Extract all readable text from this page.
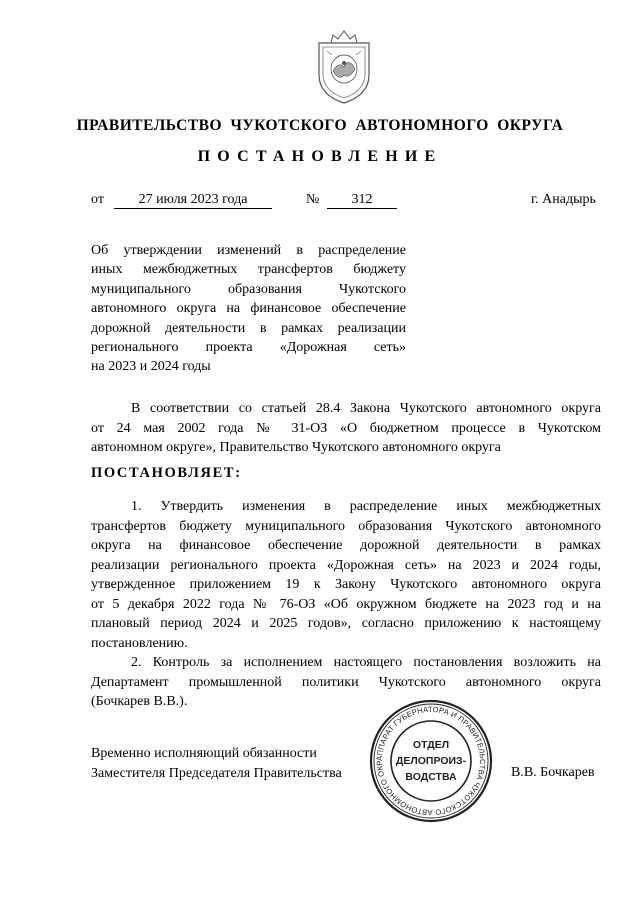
ПРАВИТЕЛЬСТВО ЧУКОТСКОГО АВТОНОМНОГО ОКРУГА
ПОСТАНОВЛЕНИЕ
от	27 июля 2023 года	№	312	г. Анадырь
Об утверждении изменений в распределение
иных межбюджетных трансфертов бюджету
муниципального образования Чукотского
автономного округа на финансовое обеспечение
дорожной деятельности в рамках реализации
регионального проекта «Дорожная сеть»
на 2023 и 2024 годы
В соответствии со статьей 28.4 Закона Чукотского автономного округа
от 24 мая 2002 года № 31-ОЗ «О бюджетном процессе в Чукотском
автономном округе», Правительство Чукотского автономного округа
ПОСТАНОВЛЯЕТ:
1. Утвердить изменения в распределение иных межбюджетных
трансфертов бюджету муниципального образования Чукотского автономного
округа на финансовое обеспечение дорожной деятельности в рамках
реализации регионального проекта «Дорожная сеть» на 2023 и 2024 годы,
утвержденное приложением 19 к Закону Чукотского автономного округа
от 5 декабря 2022 года № 76-ОЗ «Об окружном бюджете на 2023 год и на
плановый период 2024 и 2025 годов», согласно приложению к настоящему
постановлению.
2. Контроль за исполнением настоящего постановления возложить на
Департамент промышленной политики Чукотского автономного округа
(Бочкарев В.В.).
Временно исполняющий обязанности
Заместителя Председателя Правительства	В.В. Бочкарев
АППАРАТ ГУБЕРНАТОРА И ПРАВИТЕЛЬСТВА ЧУКОТСКОГО АВТОНОМНОГО ОКР
ОТДЕЛ
ДЕЛОПРОИЗ-
ВОДСТВА
